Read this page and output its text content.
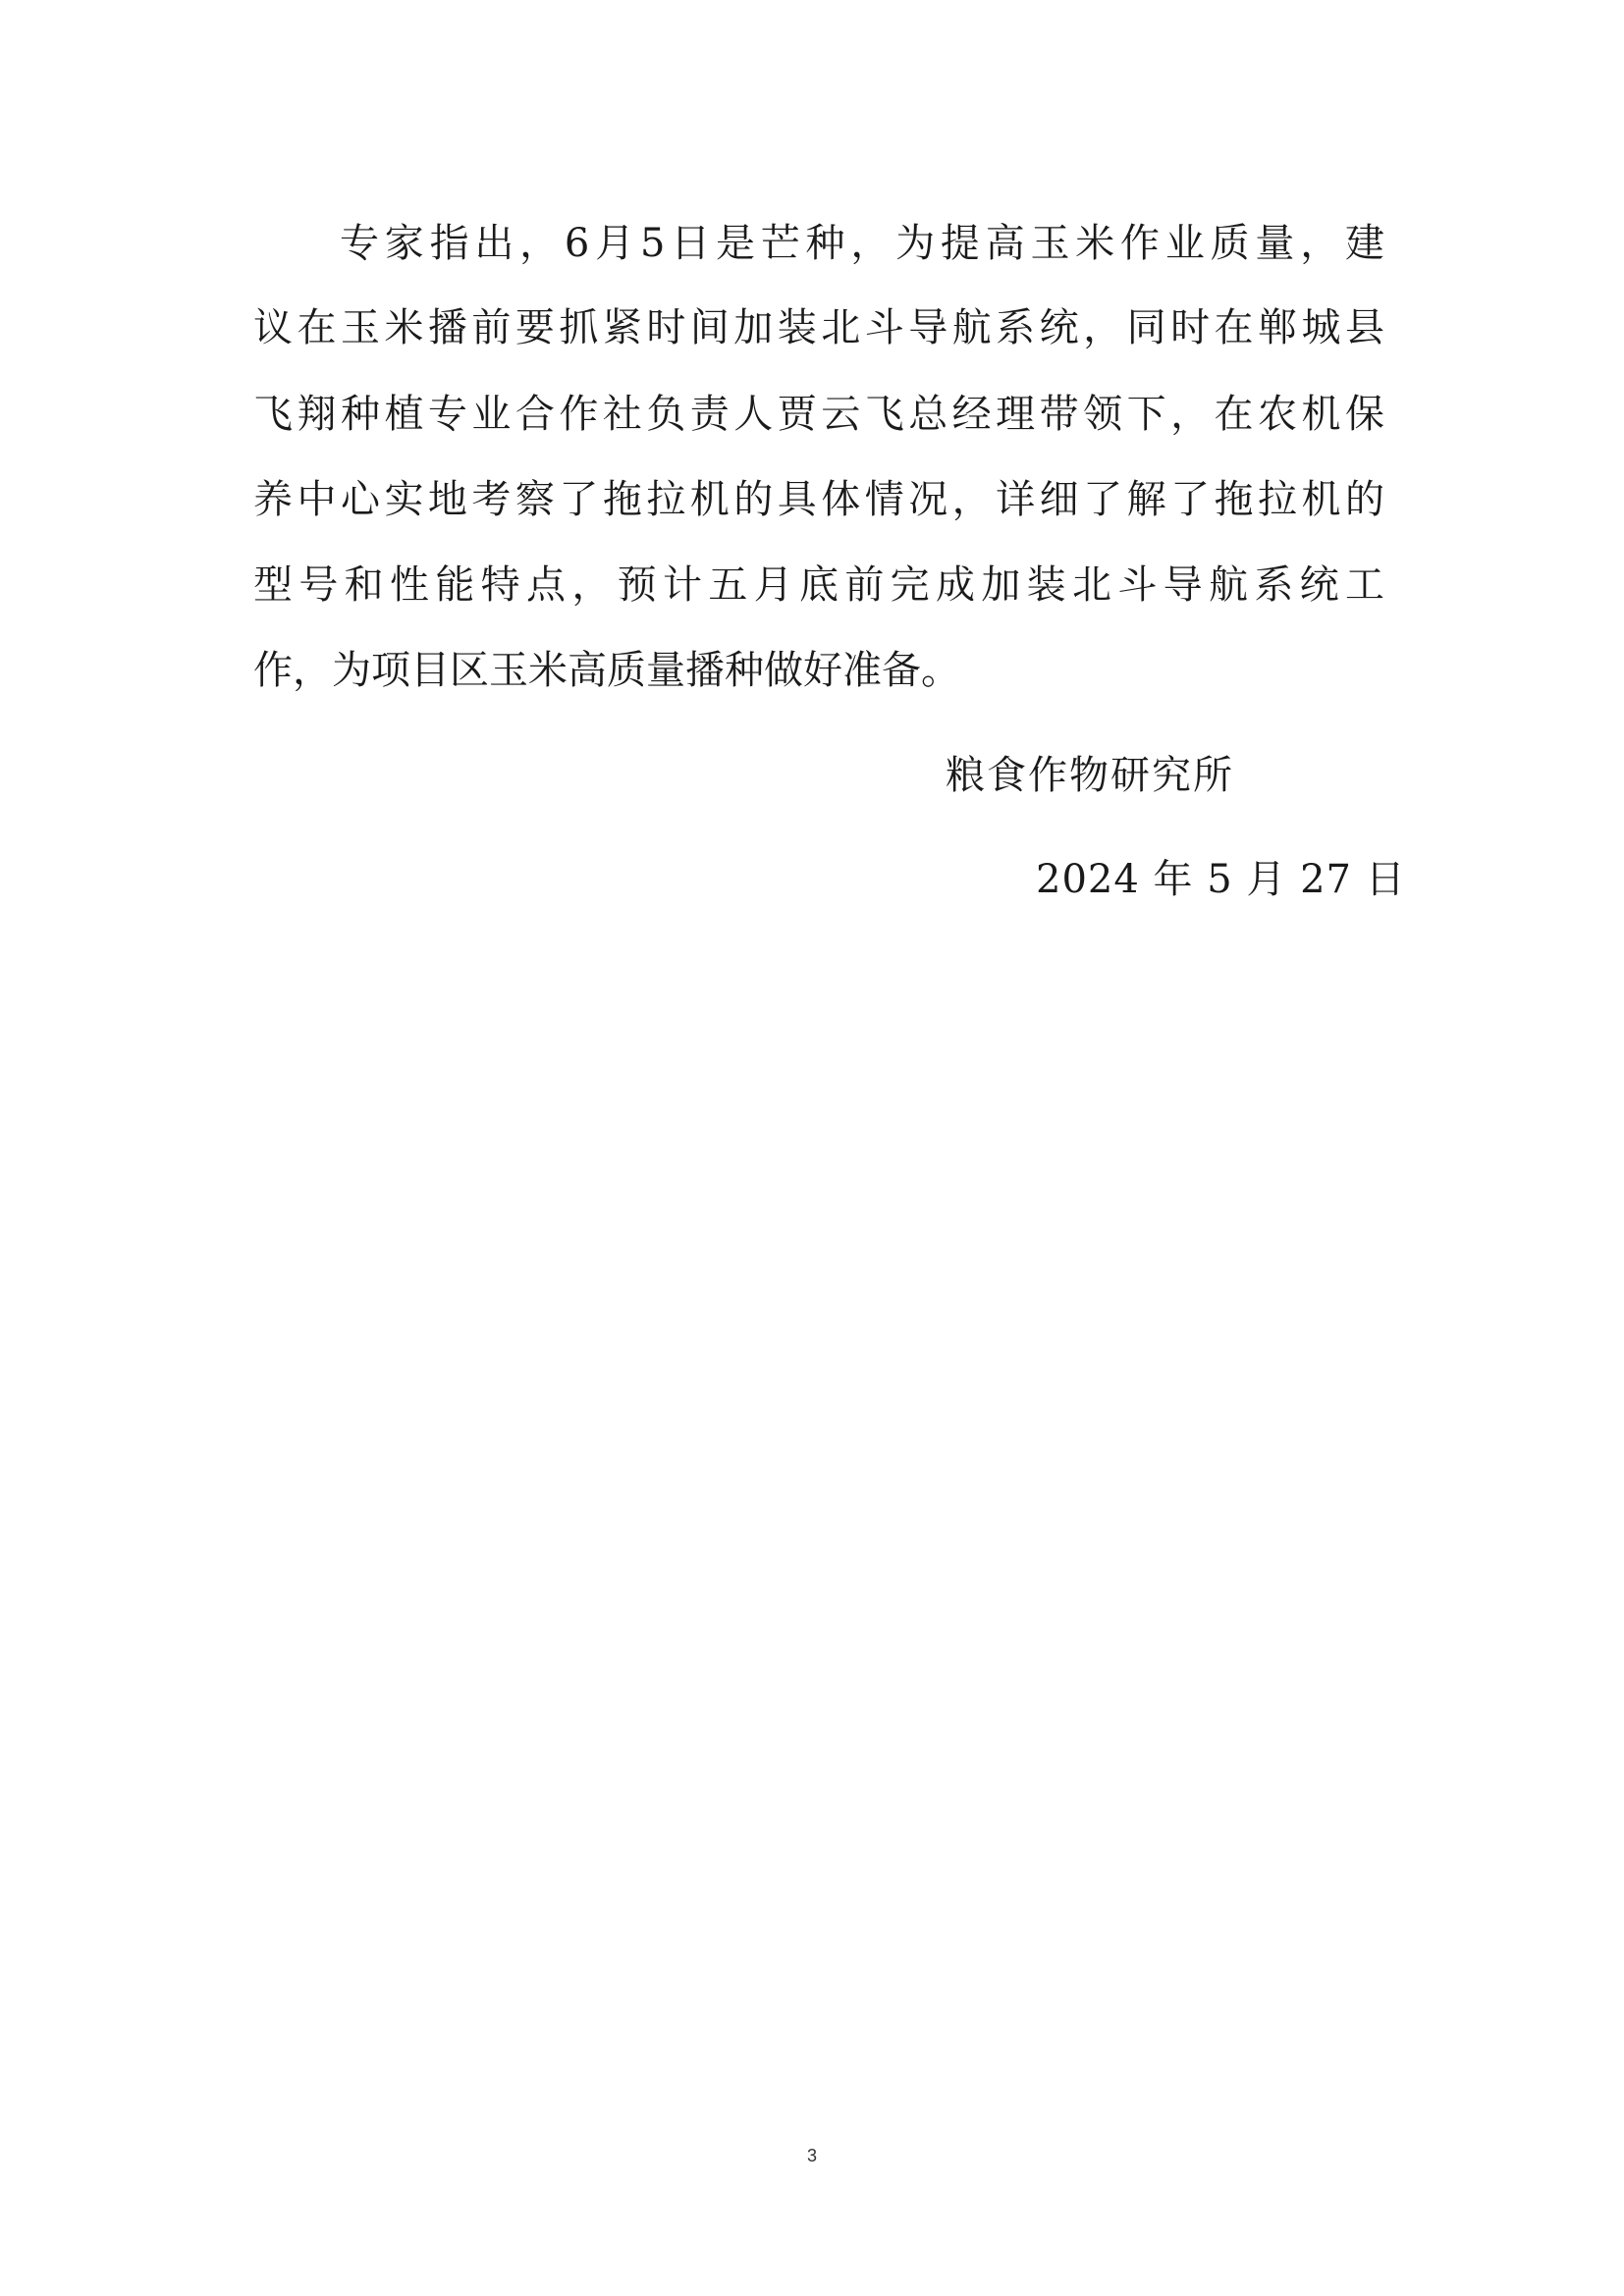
专家指出，6月5日是芒种，为提高玉米作业质量，建
议在玉米播前要抓紧时间加装北斗导航系统，同时在郸城县
飞翔种植专业合作社负责人贾云飞总经理带领下，在农机保
养中心实地考察了拖拉机的具体情况，详细了解了拖拉机的
型号和性能特点，预计五月底前完成加装北斗导航系统工
作，为项目区玉米高质量播种做好准备。
粮食作物研究所
2024 年 5 月 27 日
3
